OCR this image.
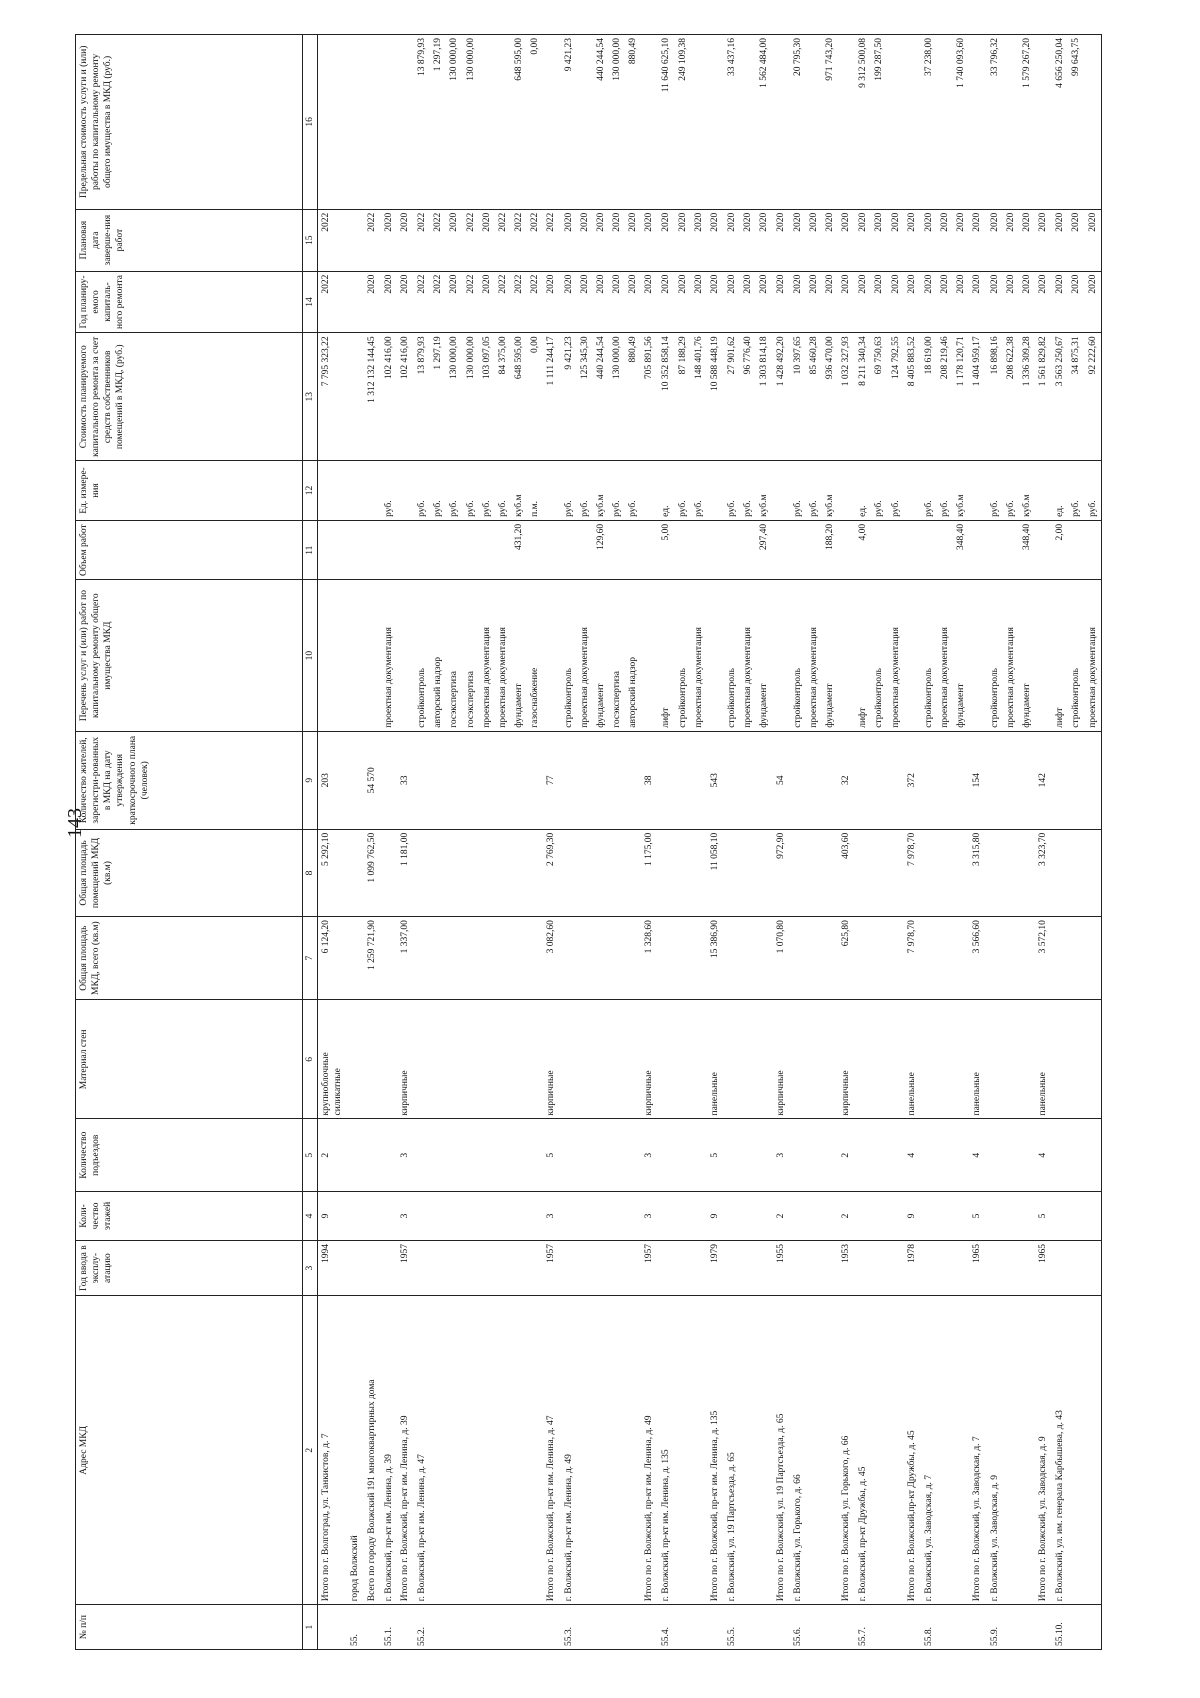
143
№ п/п	Адрес МКД	Год ввода в эксплу-атацию	Коли-чество этажей	Количество подъездов	Материал стен	Общая площадь МКД, всего (кв.м)	Общая площадь помещений МКД (кв.м)	Количество жителей, зарегистри-рованных в МКД на дату утверждения краткосрочного плана (человек)	Перечень услуг и (или) работ по капитальному ремонту общего имущества МКД	Объем работ	Ед. измере-ния	Стоимость планируемого капитального ремонта за счет средств собственников помещений в МКД, (руб.)	Год планиру-емого капиталь-ного ремонта	Плановая дата заверше-ния работ	Предельная стоимость услуги и (или) работы по капитальному ремонту общего имущества в МКД (руб.)
1	2	3	4	5	6	7	8	9	10	11	12	13	14	15	16
	Итого по г. Волгоград, ул. Танкистов, д. 7	1994	9	2	крупноблочные силикатные	6 124,20	5 292,10	203				7 795 323,22	2022	2022	
55.	город Волжский														
	Всего по городу Волжский 191 многоквартирных дома					1 259 721,90	1 099 762,50	54 570				1 312 132 144,45	2020	2022	
55.1.	г. Волжский, пр-кт им. Ленина, д. 39								проектная документация		руб.	102 416,00	2020	2020	
	Итого по г. Волжский, пр-кт им. Ленина, д. 39	1957	3	3	кирпичные	1 337,00	1 181,00	33				102 416,00	2020	2020	
55.2.	г. Волжский, пр-кт им. Ленина, д. 47								стройконтроль		руб.	13 879,93	2022	2022	13 879,93
									авторский надзор		руб.	1 297,19	2022	2022	1 297,19
									госэкспертиза		руб.	130 000,00	2020	2020	130 000,00
									госэкспертиза		руб.	130 000,00	2022	2022	130 000,00
									проектная документация		руб.	103 097,05	2020	2020	
									проектная документация		руб.	84 375,00	2022	2022	
									фундамент	431,20	куб.м	648 595,00	2022	2022	648 595,00
									газоснабжение		п.м.	0,00	2022	2022	0,00
	Итого по г. Волжский, пр-кт им. Ленина, д. 47	1957	3	5	кирпичные	3 082,60	2 769,30	77				1 111 244,17	2020	2022	
55.3.	г. Волжский, пр-кт им. Ленина, д. 49								стройконтроль		руб.	9 421,23	2020	2020	9 421,23
									проектная документация		руб.	125 345,30	2020	2020	
									фундамент	129,60	куб.м	440 244,54	2020	2020	440 244,54
									госэкспертиза		руб.	130 000,00	2020	2020	130 000,00
									авторский надзор		руб.	880,49	2020	2020	880,49
	Итого по г. Волжский, пр-кт им. Ленина, д. 49	1957	3	3	кирпичные	1 328,60	1 175,00	38				705 891,56	2020	2020	
55.4.	г. Волжский, пр-кт им. Ленина, д. 135								лифт	5,00	ед.	10 352 858,14	2020	2020	11 640 625,10
									стройконтроль		руб.	87 188,29	2020	2020	249 109,38
									проектная документация		руб.	148 401,76	2020	2020	
	Итого по г. Волжский, пр-кт им. Ленина, д. 135	1979	9	5	панельные	15 386,90	11 058,10	543				10 588 448,19	2020	2020	
55.5.	г. Волжский, ул. 19 Партсъезда, д. 65								стройконтроль		руб.	27 901,62	2020	2020	33 437,16
									проектная документация		руб.	96 776,40	2020	2020	
									фундамент	297,40	куб.м	1 303 814,18	2020	2020	1 562 484,00
	Итого по г. Волжский, ул. 19 Партсъезда, д. 65	1955	2	3	кирпичные	1 070,80	972,90	54				1 428 492,20	2020	2020	
55.6.	г. Волжский, ул. Горького, д. 66								стройконтроль		руб.	10 397,65	2020	2020	20 795,30
									проектная документация		руб.	85 460,28	2020	2020	
									фундамент	188,20	куб.м	936 470,00	2020	2020	971 743,20
	Итого по г. Волжский, ул. Горького, д. 66	1953	2	2	кирпичные	625,80	403,60	32				1 032 327,93	2020	2020	
55.7.	г. Волжский, пр-кт Дружбы, д. 45								лифт	4,00	ед.	8 211 340,34	2020	2020	9 312 500,08
									стройконтроль		руб.	69 750,63	2020	2020	199 287,50
									проектная документация		руб.	124 792,55	2020	2020	
	Итого по г. Волжский,пр-кт Дружбы, д. 45	1978	9	4	панельные	7 978,70	7 978,70	372				8 405 883,52	2020	2020	
55.8.	г. Волжский, ул. Заводская, д. 7								стройконтроль		руб.	18 619,00	2020	2020	37 238,00
									проектная документация		руб.	208 219,46	2020	2020	
									фундамент	348,40	куб.м	1 178 120,71	2020	2020	1 740 093,60
	Итого по г. Волжский, ул. Заводская, д. 7	1965	5	4	панельные	3 566,60	3 315,80	154				1 404 959,17	2020	2020	
55.9.	г. Волжский, ул. Заводская, д. 9								стройконтроль		руб.	16 898,16	2020	2020	33 796,32
									проектная документация		руб.	208 622,38	2020	2020	
									фундамент	348,40	куб.м	1 336 309,28	2020	2020	1 579 267,20
	Итого по г. Волжский, ул. Заводская, д. 9	1965	5	4	панельные	3 572,10	3 323,70	142				1 561 829,82	2020	2020	
55.10.	г. Волжский, ул. им. генерала Карбышева, д. 43								лифт	2,00	ед.	3 563 250,67	2020	2020	4 656 250,04
									стройконтроль		руб.	34 875,31	2020	2020	99 643,75
									проектная документация		руб.	92 222,60	2020	2020	
